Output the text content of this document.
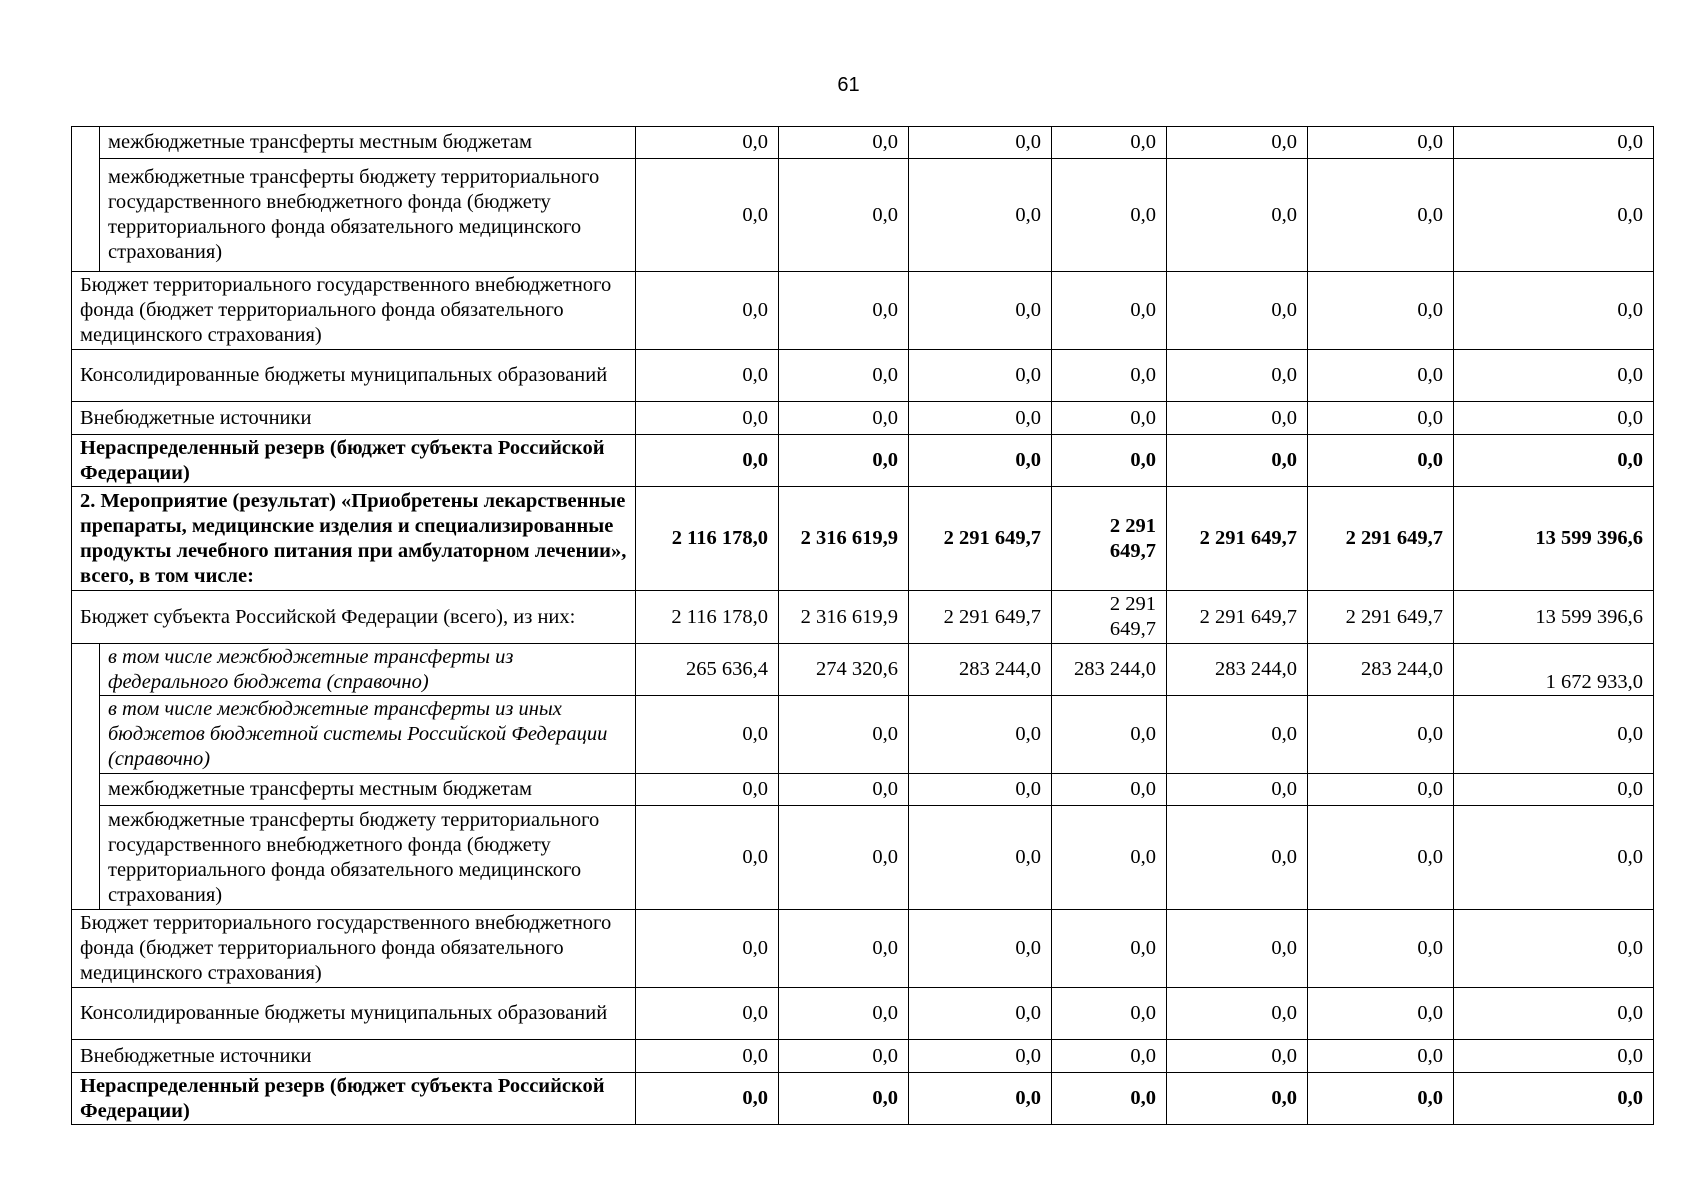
61
	межбюджетные трансферты местным бюджетам	0,0	0,0	0,0	0,0	0,0	0,0	0,0
	межбюджетные трансферты бюджету территориального государственного внебюджетного фонда (бюджету территориального фонда обязательного медицинского страхования)	0,0	0,0	0,0	0,0	0,0	0,0	0,0
Бюджет территориального государственного внебюджетного фонда (бюджет территориального фонда обязательного медицинского страхования)		0,0	0,0	0,0	0,0	0,0	0,0	0,0
Консолидированные бюджеты муниципальных образований		0,0	0,0	0,0	0,0	0,0	0,0	0,0
Внебюджетные источники		0,0	0,0	0,0	0,0	0,0	0,0	0,0
Нераспределенный резерв (бюджет субъекта Российской Федерации)		0,0	0,0	0,0	0,0	0,0	0,0	0,0
2. Мероприятие (результат) «Приобретены лекарственные препараты, медицинские изделия и специализированные продукты лечебного питания при амбулаторном лечении», всего, в том числе:		2 116 178,0	2 316 619,9	2 291 649,7	2 291 649,7	2 291 649,7	2 291 649,7	13 599 396,6
Бюджет субъекта Российской Федерации (всего), из них:		2 116 178,0	2 316 619,9	2 291 649,7	2 291 649,7	2 291 649,7	2 291 649,7	13 599 396,6
	в том числе межбюджетные трансферты из федерального бюджета (справочно)	265 636,4	274 320,6	283 244,0	283 244,0	283 244,0	283 244,0	1 672 933,0
	в том числе межбюджетные трансферты из иных бюджетов бюджетной системы Российской Федерации (справочно)	0,0	0,0	0,0	0,0	0,0	0,0	0,0
	межбюджетные трансферты местным бюджетам	0,0	0,0	0,0	0,0	0,0	0,0	0,0
	межбюджетные трансферты бюджету территориального государственного внебюджетного фонда (бюджету территориального фонда обязательного медицинского страхования)	0,0	0,0	0,0	0,0	0,0	0,0	0,0
Бюджет территориального государственного внебюджетного фонда (бюджет территориального фонда обязательного медицинского страхования)		0,0	0,0	0,0	0,0	0,0	0,0	0,0
Консолидированные бюджеты муниципальных образований		0,0	0,0	0,0	0,0	0,0	0,0	0,0
Внебюджетные источники		0,0	0,0	0,0	0,0	0,0	0,0	0,0
Нераспределенный резерв (бюджет субъекта Российской Федерации)		0,0	0,0	0,0	0,0	0,0	0,0	0,0
